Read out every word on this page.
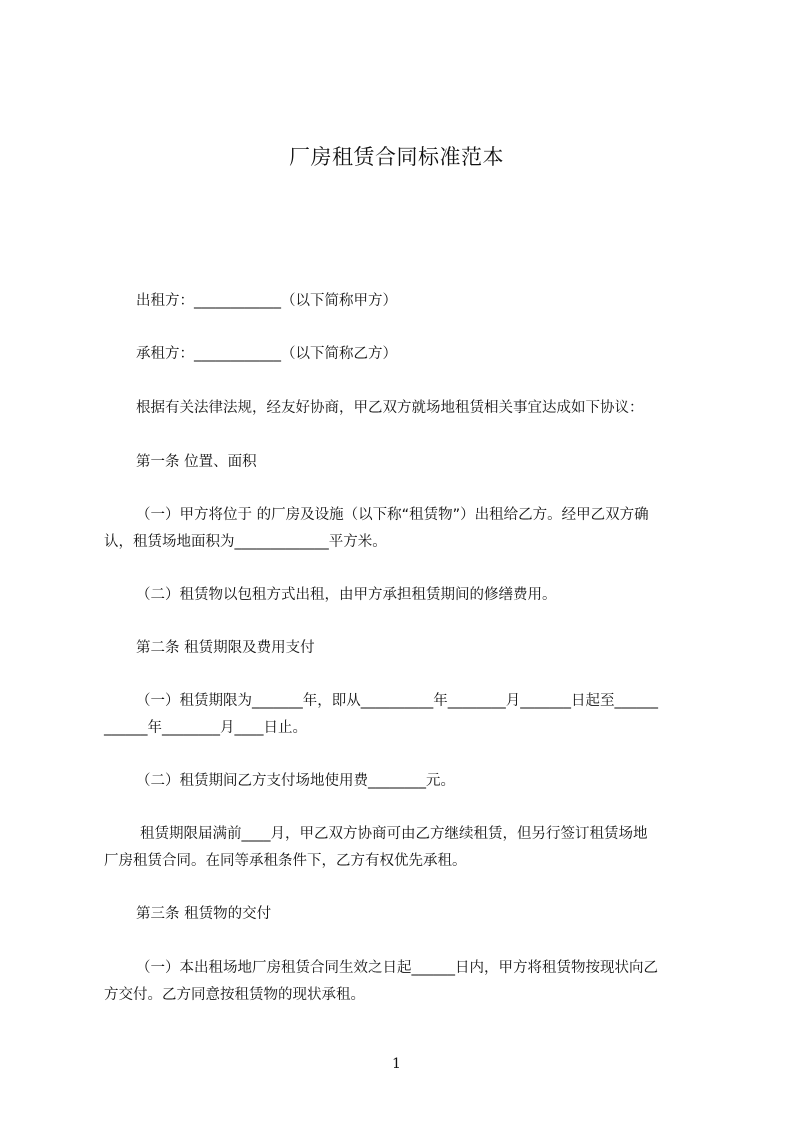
厂房租赁合同标准范本
出租方：____________（以下简称甲方）
承租方：____________（以下简称乙方）
根据有关法律法规，经友好协商，甲乙双方就场地租赁相关事宜达成如下协议：
第一条 位置、面积
（一）甲方将位于 的厂房及设施（以下称“租赁物”）出租给乙方。经甲乙双方确
认，租赁场地面积为_____________平方米。
（二）租赁物以包租方式出租，由甲方承担租赁期间的修缮费用。
第二条 租赁期限及费用支付
（一）租赁期限为_______年，即从__________年________月_______日起至______
______年________月____日止。
（二）租赁期间乙方支付场地使用费________元。
租赁期限届满前____月，甲乙双方协商可由乙方继续租赁，但另行签订租赁场地
厂房租赁合同。在同等承租条件下，乙方有权优先承租。
第三条 租赁物的交付
（一）本出租场地厂房租赁合同生效之日起______日内，甲方将租赁物按现状向乙
方交付。乙方同意按租赁物的现状承租。
1
